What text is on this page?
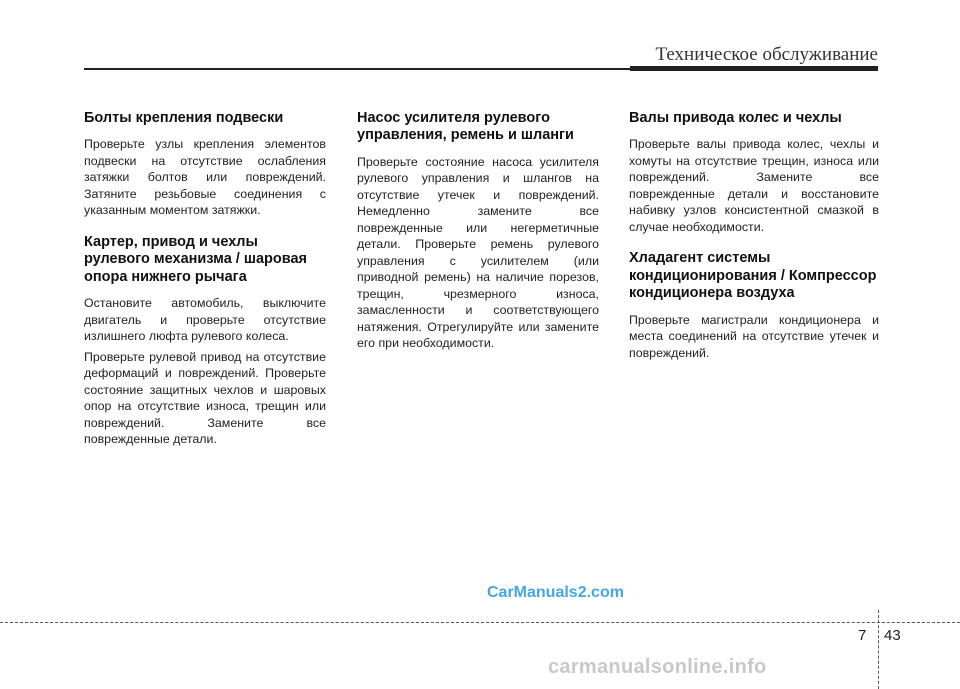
Техническое обслуживание
Болты крепления подвески

Проверьте узлы крепления элементов подвески на отсутствие ослабления затяжки болтов или повреждений. Затяните резьбовые соединения с указанным моментом затяжки.

Картер, привод и чехлы рулевого механизма / шаровая опора нижнего рычага

Остановите автомобиль, выключите двигатель и проверьте отсутствие излишнего люфта рулевого колеса.

Проверьте рулевой привод на отсутствие деформаций и повреждений. Проверьте состояние защитных чехлов и шаровых опор на отсутствие износа, трещин или повреждений. Замените все поврежденные детали.

Насос усилителя рулевого управления, ремень и шланги

Проверьте состояние насоса усилителя рулевого управления и шлангов на отсутствие утечек и повреждений. Немедленно замените все поврежденные или негерметичные детали. Проверьте ремень рулевого управления с усилителем (или приводной ремень) на наличие порезов, трещин, чрезмерного износа, замасленности и соответствующего натяжения. Отрегулируйте или замените его при необходимости.

Валы привода колес и чехлы

Проверьте валы привода колес, чехлы и хомуты на отсутствие трещин, износа или повреждений. Замените все поврежденные детали и восстановите набивку узлов консистентной смазкой в случае необходимости.

Хладагент системы кондиционирования / Компрессор кондиционера воздуха

Проверьте магистрали кондиционера и места соединений на отсутствие утечек и повреждений.

CarManuals2.com
carmanualsonline.info
7 43
